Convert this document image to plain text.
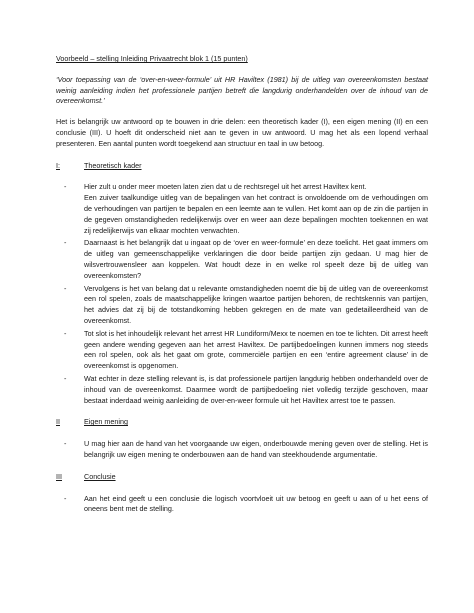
Voorbeeld – stelling Inleiding Privaatrecht blok 1 (15 punten)
‘Voor toepassing van de ‘over-en-weer-formule’ uit HR Haviltex (1981) bij de uitleg van overeenkomsten bestaat weinig aanleiding indien het professionele partijen betreft die langdurig onderhandelden over de inhoud van de overeenkomst.’
Het is belangrijk uw antwoord op te bouwen in drie delen: een theoretisch kader (I), een eigen mening (II) en een conclusie (III). U hoeft dit onderscheid niet aan te geven in uw antwoord. U mag het als een lopend verhaal presenteren. Een aantal punten wordt toegekend aan structuur en taal in uw betoog.
I:	Theoretisch kader
- Hier zult u onder meer moeten laten zien dat u de rechtsregel uit het arrest Haviltex kent.
Een zuiver taalkundige uitleg van de bepalingen van het contract is onvoldoende om de verhoudingen om de verhoudingen van partijen te bepalen en een leemte aan te vullen. Het komt aan op de zin die partijen in de gegeven omstandigheden redelijkerwijs over en weer aan deze bepalingen mochten toekennen en wat zij redelijkerwijs van elkaar mochten verwachten.
- Daarnaast is het belangrijk dat u ingaat op de ‘over en weer-formule’ en deze toelicht. Het gaat immers om de uitleg van gemeenschappelijke verklaringen die door beide partijen zijn gedaan. U mag hier de wilsvertrouwensleer aan koppelen. Wat houdt deze in en welke rol speelt deze bij de uitleg van overeenkomsten?
- Vervolgens is het van belang dat u relevante omstandigheden noemt die bij de uitleg van de overeenkomst een rol spelen, zoals de maatschappelijke kringen waartoe partijen behoren, de rechtskennis van partijen, het advies dat zij bij de totstandkoming hebben gekregen en de mate van gedetailleerdheid van de overeenkomst.
- Tot slot is het inhoudelijk relevant het arrest HR Lundiform/Mexx te noemen en toe te lichten. Dit arrest heeft geen andere wending gegeven aan het arrest Haviltex. De partijbedoelingen kunnen immers nog steeds een rol spelen, ook als het gaat om grote, commerciële partijen en een ‘entire agreement clause’ in de overeenkomst is opgenomen.
- Wat echter in deze stelling relevant is, is dat professionele partijen langdurig hebben onderhandeld over de inhoud van de overeenkomst. Daarmee wordt de partijbedoeling niet volledig terzijde geschoven, maar bestaat inderdaad weinig aanleiding de over-en-weer formule uit het Haviltex arrest toe te passen.
II	Eigen mening
- U mag hier aan de hand van het voorgaande uw eigen, onderbouwde mening geven over de stelling. Het is belangrijk uw eigen mening te onderbouwen aan de hand van steekhoudende argumentatie.
III	Conclusie
- Aan het eind geeft u een conclusie die logisch voortvloeit uit uw betoog en geeft u aan of u het eens of oneens bent met de stelling.
